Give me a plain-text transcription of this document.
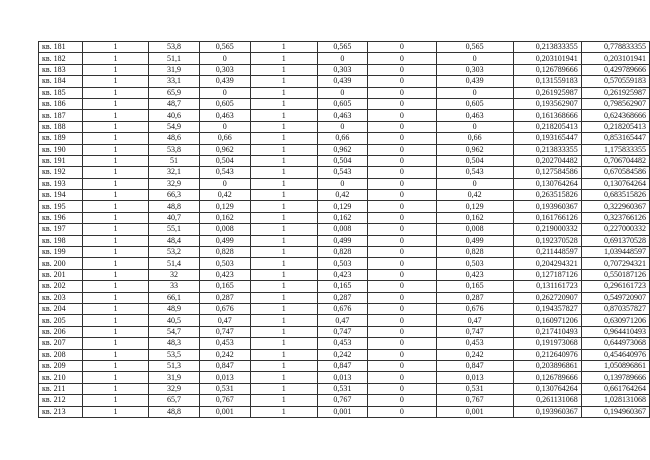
кв. 181	1	53,8	0,565	1	0,565	0	0,565	0,213833355	0,778833355
кв. 182	1	51,1	0	1	0	0	0	0,203101941	0,203101941
кв. 183	1	31,9	0,303	1	0,303	0	0,303	0,126789666	0,429789666
кв. 184	1	33,1	0,439	1	0,439	0	0,439	0,131559183	0,570559183
кв. 185	1	65,9	0	1	0	0	0	0,261925987	0,261925987
кв. 186	1	48,7	0,605	1	0,605	0	0,605	0,193562907	0,798562907
кв. 187	1	40,6	0,463	1	0,463	0	0,463	0,161368666	0,624368666
кв. 188	1	54,9	0	1	0	0	0	0,218205413	0,218205413
кв. 189	1	48,6	0,66	1	0,66	0	0,66	0,193165447	0,853165447
кв. 190	1	53,8	0,962	1	0,962	0	0,962	0,213833355	1,175833355
кв. 191	1	51	0,504	1	0,504	0	0,504	0,202704482	0,706704482
кв. 192	1	32,1	0,543	1	0,543	0	0,543	0,127584586	0,670584586
кв. 193	1	32,9	0	1	0	0	0	0,130764264	0,130764264
кв. 194	1	66,3	0,42	1	0,42	0	0,42	0,263515826	0,683515826
кв. 195	1	48,8	0,129	1	0,129	0	0,129	0,193960367	0,322960367
кв. 196	1	40,7	0,162	1	0,162	0	0,162	0,161766126	0,323766126
кв. 197	1	55,1	0,008	1	0,008	0	0,008	0,219000332	0,227000332
кв. 198	1	48,4	0,499	1	0,499	0	0,499	0,192370528	0,691370528
кв. 199	1	53,2	0,828	1	0,828	0	0,828	0,211448597	1,039448597
кв. 200	1	51,4	0,503	1	0,503	0	0,503	0,204294321	0,707294321
кв. 201	1	32	0,423	1	0,423	0	0,423	0,127187126	0,550187126
кв. 202	1	33	0,165	1	0,165	0	0,165	0,131161723	0,296161723
кв. 203	1	66,1	0,287	1	0,287	0	0,287	0,262720907	0,549720907
кв. 204	1	48,9	0,676	1	0,676	0	0,676	0,194357827	0,870357827
кв. 205	1	40,5	0,47	1	0,47	0	0,47	0,160971206	0,630971206
кв. 206	1	54,7	0,747	1	0,747	0	0,747	0,217410493	0,964410493
кв. 207	1	48,3	0,453	1	0,453	0	0,453	0,191973068	0,644973068
кв. 208	1	53,5	0,242	1	0,242	0	0,242	0,212640976	0,454640976
кв. 209	1	51,3	0,847	1	0,847	0	0,847	0,203896861	1,050896861
кв. 210	1	31,9	0,013	1	0,013	0	0,013	0,126789666	0,139789666
кв. 211	1	32,9	0,531	1	0,531	0	0,531	0,130764264	0,661764264
кв. 212	1	65,7	0,767	1	0,767	0	0,767	0,261131068	1,028131068
кв. 213	1	48,8	0,001	1	0,001	0	0,001	0,193960367	0,194960367
